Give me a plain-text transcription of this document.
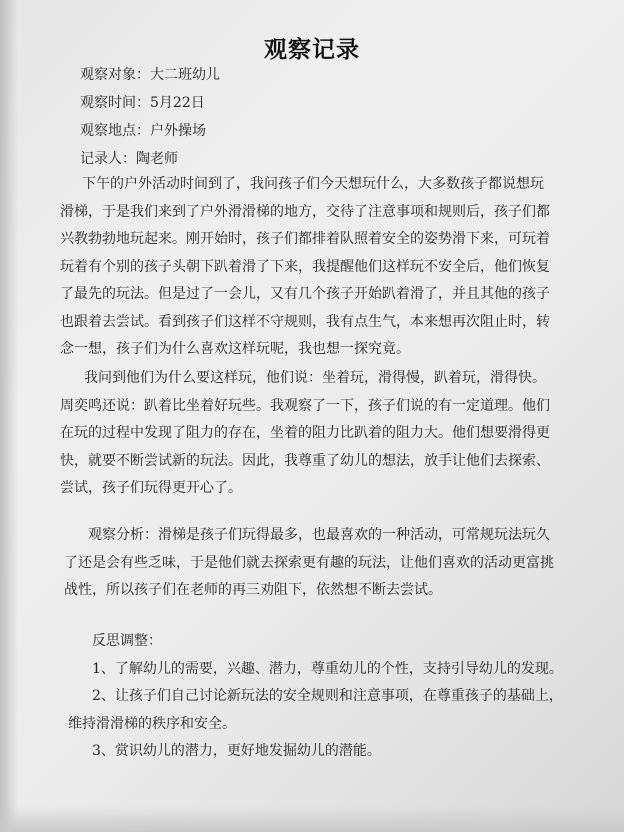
观察记录
观察对象：大二班幼儿
观察时间：5月22日
观察地点：户外操场
记录人：陶老师
下午的户外活动时间到了，我问孩子们今天想玩什么，大多数孩子都说想玩
滑梯，于是我们来到了户外滑滑梯的地方，交待了注意事项和规则后，孩子们都
兴教勃勃地玩起来。刚开始时，孩子们都排着队照着安全的姿势滑下来，可玩着
玩着有个别的孩子头朝下趴着滑了下来，我提醒他们这样玩不安全后，他们恢复
了最先的玩法。但是过了一会儿，又有几个孩子开始趴着滑了，并且其他的孩子
也跟着去尝试。看到孩子们这样不守规则，我有点生气，本来想再次阻止时，转
念一想，孩子们为什么喜欢这样玩呢，我也想一探究竟。
我问到他们为什么要这样玩，他们说：坐着玩，滑得慢，趴着玩，滑得快。
周奕鸣还说：趴着比坐着好玩些。我观察了一下，孩子们说的有一定道理。他们
在玩的过程中发现了阻力的存在，坐着的阻力比趴着的阻力大。他们想要滑得更
快，就要不断尝试新的玩法。因此，我尊重了幼儿的想法，放手让他们去探索、
尝试，孩子们玩得更开心了。
观察分析：滑梯是孩子们玩得最多，也最喜欢的一种活动，可常规玩法玩久
了还是会有些乏味，于是他们就去探索更有趣的玩法，让他们喜欢的活动更富挑
战性，所以孩子们在老师的再三劝阻下，依然想不断去尝试。
反思调整：
1、了解幼儿的需要，兴趣、潜力，尊重幼儿的个性，支持引导幼儿的发现。
2、让孩子们自己讨论新玩法的安全规则和注意事项，在尊重孩子的基础上，
维持滑滑梯的秩序和安全。
3、赏识幼儿的潜力，更好地发掘幼儿的潜能。
